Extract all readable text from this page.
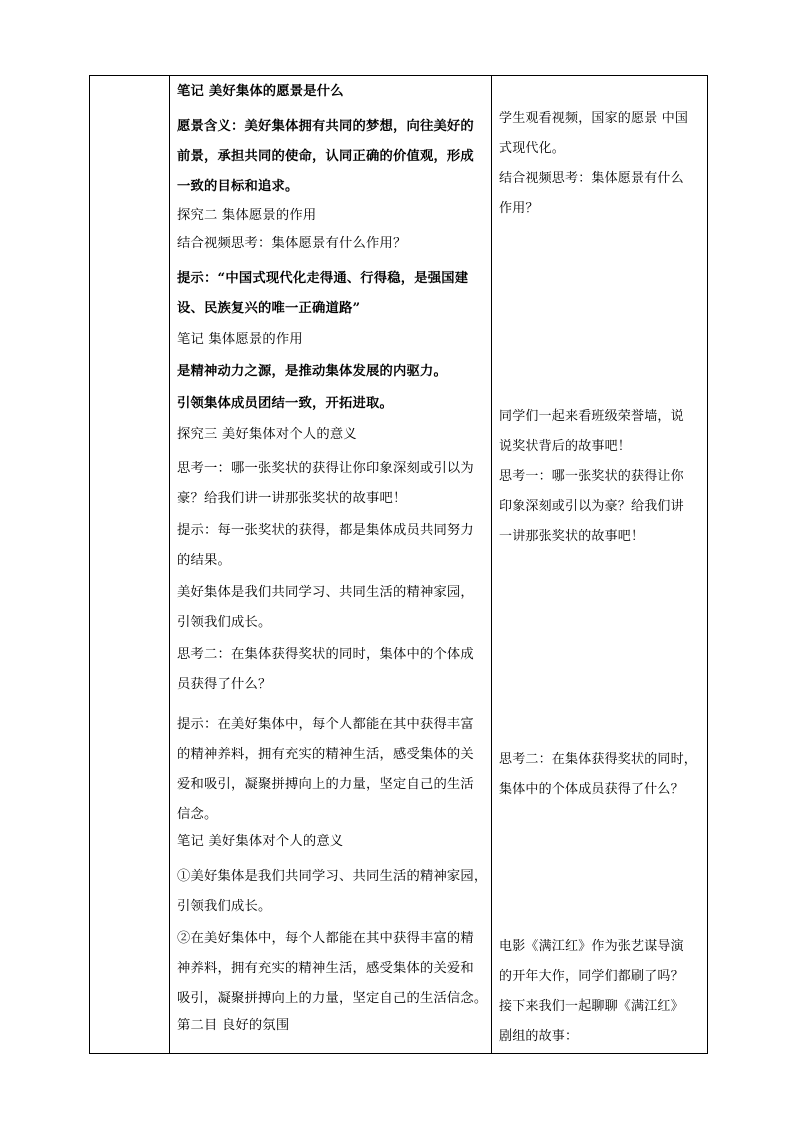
笔记 美好集体的愿景是什么
愿景含义：美好集体拥有共同的梦想，向往美好的
前景，承担共同的使命，认同正确的价值观，形成
一致的目标和追求。
探究二 集体愿景的作用
结合视频思考：集体愿景有什么作用？
提示：“中国式现代化走得通、行得稳，是强国建
设、民族复兴的唯一正确道路”
笔记 集体愿景的作用
是精神动力之源，是推动集体发展的内驱力。
引领集体成员团结一致，开拓进取。
探究三 美好集体对个人的意义
思考一：哪一张奖状的获得让你印象深刻或引以为
豪？给我们讲一讲那张奖状的故事吧！
提示：每一张奖状的获得，都是集体成员共同努力
的结果。
美好集体是我们共同学习、共同生活的精神家园，
引领我们成长。
思考二：在集体获得奖状的同时，集体中的个体成
员获得了什么？
提示：在美好集体中，每个人都能在其中获得丰富
的精神养料，拥有充实的精神生活，感受集体的关
爱和吸引，凝聚拼搏向上的力量，坚定自己的生活
信念。
笔记 美好集体对个人的意义
①美好集体是我们共同学习、共同生活的精神家园，
引领我们成长。
②在美好集体中，每个人都能在其中获得丰富的精
神养料，拥有充实的精神生活，感受集体的关爱和
吸引，凝聚拼搏向上的力量，坚定自己的生活信念。
第二目 良好的氛围
学生观看视频，国家的愿景 中国
式现代化。
结合视频思考：集体愿景有什么
作用？
同学们一起来看班级荣誉墙，说
说奖状背后的故事吧！
思考一：哪一张奖状的获得让你
印象深刻或引以为豪？给我们讲
一讲那张奖状的故事吧！
思考二：在集体获得奖状的同时，
集体中的个体成员获得了什么？
电影《满江红》作为张艺谋导演
的开年大作，同学们都刷了吗？
接下来我们一起聊聊《满江红》
剧组的故事：
